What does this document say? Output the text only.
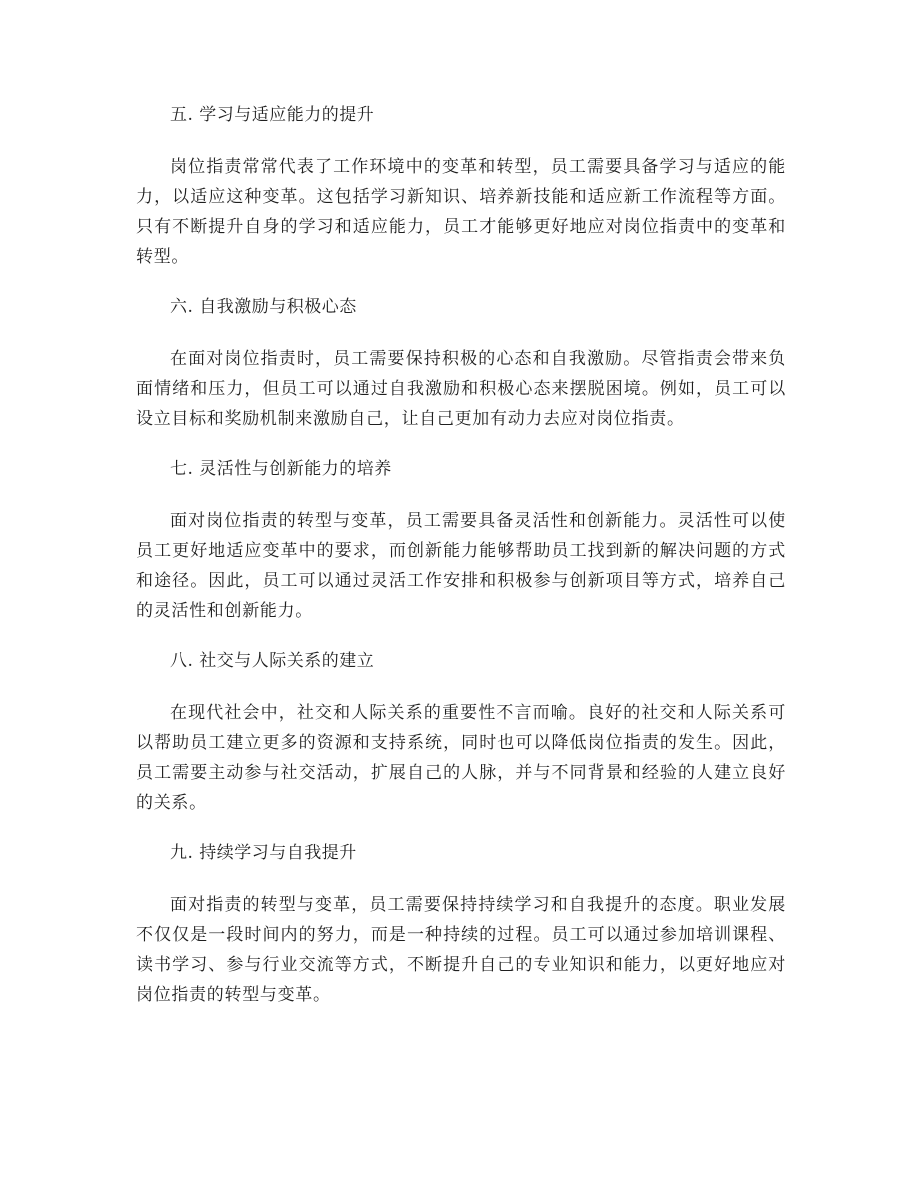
五. 学习与适应能力的提升

岗位指责常常代表了工作环境中的变革和转型，员工需要具备学习与适应的能力，以适应这种变革。这包括学习新知识、培养新技能和适应新工作流程等方面。只有不断提升自身的学习和适应能力，员工才能够更好地应对岗位指责中的变革和转型。

六. 自我激励与积极心态

在面对岗位指责时，员工需要保持积极的心态和自我激励。尽管指责会带来负面情绪和压力，但员工可以通过自我激励和积极心态来摆脱困境。例如，员工可以设立目标和奖励机制来激励自己，让自己更加有动力去应对岗位指责。

七. 灵活性与创新能力的培养

面对岗位指责的转型与变革，员工需要具备灵活性和创新能力。灵活性可以使员工更好地适应变革中的要求，而创新能力能够帮助员工找到新的解决问题的方式和途径。因此，员工可以通过灵活工作安排和积极参与创新项目等方式，培养自己的灵活性和创新能力。

八. 社交与人际关系的建立

在现代社会中，社交和人际关系的重要性不言而喻。良好的社交和人际关系可以帮助员工建立更多的资源和支持系统，同时也可以降低岗位指责的发生。因此，员工需要主动参与社交活动，扩展自己的人脉，并与不同背景和经验的人建立良好的关系。

九. 持续学习与自我提升

面对指责的转型与变革，员工需要保持持续学习和自我提升的态度。职业发展不仅仅是一段时间内的努力，而是一种持续的过程。员工可以通过参加培训课程、读书学习、参与行业交流等方式，不断提升自己的专业知识和能力，以更好地应对岗位指责的转型与变革。
